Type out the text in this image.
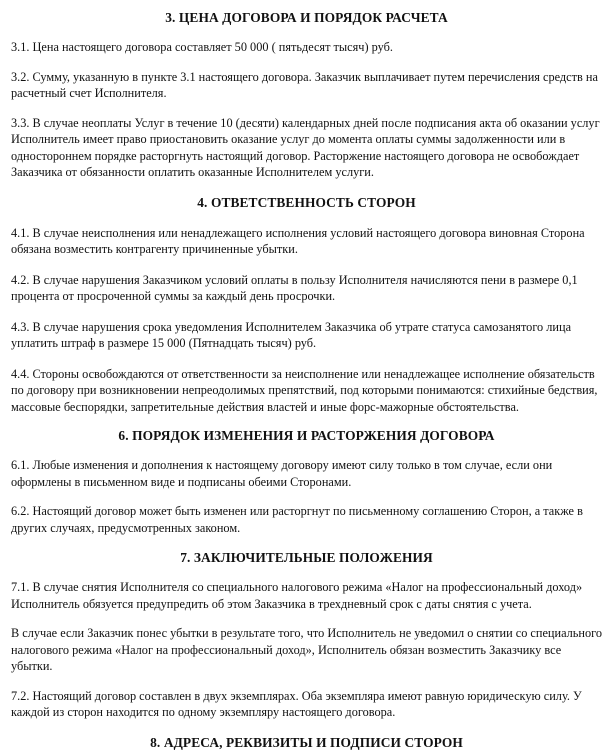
3. ЦЕНА ДОГОВОРА И ПОРЯДОК РАСЧЕТА

3.1. Цена настоящего договора составляет 50 000 ( пятьдесят тысяч) руб.

3.2. Сумму, указанную в пункте 3.1 настоящего договора. Заказчик выплачивает путем перечисления средств на расчетный счет Исполнителя.

3.3. В случае неоплаты Услуг в течение 10 (десяти) календарных дней после подписания акта об оказании услуг Исполнитель имеет право приостановить оказание услуг до момента оплаты суммы задолженности или в одностороннем порядке расторгнуть настоящий договор. Расторжение настоящего договора не освобождает Заказчика от обязанности оплатить оказанные Исполнителем услуги.

4. ОТВЕТСТВЕННОСТЬ СТОРОН

4.1. В случае неисполнения или ненадлежащего исполнения условий настоящего договора виновная Сторона обязана возместить контрагенту причиненные убытки.

4.2. В случае нарушения Заказчиком условий оплаты в пользу Исполнителя начисляются пени в размере 0,1 процента от просроченной суммы за каждый день просрочки.

4.3. В случае нарушения срока уведомления Исполнителем Заказчика об утрате статуса самозанятого лица уплатить штраф в размере 15 000 (Пятнадцать тысяч) руб.

4.4. Стороны освобождаются от ответственности за неисполнение или ненадлежащее исполнение обязательств по договору при возникновении непреодолимых препятствий, под которыми понимаются: стихийные бедствия, массовые беспорядки, запретительные действия властей и иные форс-мажорные обстоятельства.

6. ПОРЯДОК ИЗМЕНЕНИЯ И РАСТОРЖЕНИЯ ДОГОВОРА

6.1. Любые изменения и дополнения к настоящему договору имеют силу только в том случае, если они оформлены в письменном виде и подписаны обеими Сторонами.

6.2. Настоящий договор может быть изменен или расторгнут по письменному соглашению Сторон, а также в других случаях, предусмотренных законом.

7. ЗАКЛЮЧИТЕЛЬНЫЕ ПОЛОЖЕНИЯ

7.1. В случае снятия Исполнителя со специального налогового режима «Налог на профессиональный доход» Исполнитель обязуется предупредить об этом Заказчика в трехдневный срок с даты снятия с учета.

В случае если Заказчик понес убытки в результате того, что Исполнитель не уведомил о снятии со специального налогового режима «Налог на профессиональный доход», Исполнитель обязан возместить Заказчику все убытки.

7.2. Настоящий договор составлен в двух экземплярах. Оба экземпляра имеют равную юридическую силу. У каждой из сторон находится по одному экземпляру настоящего договора.

8. АДРЕСА, РЕКВИЗИТЫ И ПОДПИСИ СТОРОН
